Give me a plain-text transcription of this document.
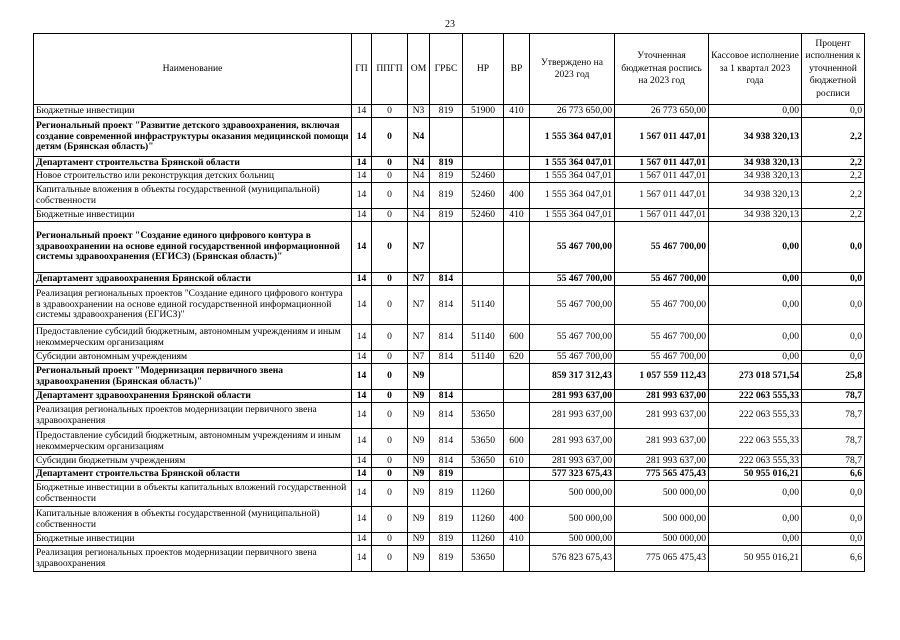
23
Наименование	ГП	ППГП	ОМ	ГРБС	НР	ВР	Утверждено на 2023 год	Уточненная бюджетная роспись на 2023 год	Кассовое исполнение за 1 квартал 2023 года	Процент исполнения к уточненной бюджетной росписи
Бюджетные инвестиции	14	0	N3	819	51900	410	26 773 650,00	26 773 650,00	0,00	0,0
Региональный проект "Развитие детского здравоохранения, включая создание современной инфраструктуры оказания медицинской помощи детям (Брянская область)"	14	0	N4				1 555 364 047,01	1 567 011 447,01	34 938 320,13	2,2
Департамент строительства Брянской области	14	0	N4	819			1 555 364 047,01	1 567 011 447,01	34 938 320,13	2,2
Новое строительство или реконструкция детских больниц	14	0	N4	819	52460		1 555 364 047,01	1 567 011 447,01	34 938 320,13	2,2
Капитальные вложения в объекты государственной (муниципальной) собственности	14	0	N4	819	52460	400	1 555 364 047,01	1 567 011 447,01	34 938 320,13	2,2
Бюджетные инвестиции	14	0	N4	819	52460	410	1 555 364 047,01	1 567 011 447,01	34 938 320,13	2,2
Региональный проект "Создание единого цифрового контура в здравоохранении на основе единой государственной информационной системы здравоохранения (ЕГИСЗ) (Брянская область)"	14	0	N7				55 467 700,00	55 467 700,00	0,00	0,0
Департамент здравоохранения Брянской области	14	0	N7	814			55 467 700,00	55 467 700,00	0,00	0,0
Реализация региональных проектов "Создание единого цифрового контура в здравоохранении на основе единой государственной информационной системы здравоохранения (ЕГИСЗ)"	14	0	N7	814	51140		55 467 700,00	55 467 700,00	0,00	0,0
Предоставление субсидий бюджетным, автономным учреждениям и иным некоммерческим организациям	14	0	N7	814	51140	600	55 467 700,00	55 467 700,00	0,00	0,0
Субсидии автономным учреждениям	14	0	N7	814	51140	620	55 467 700,00	55 467 700,00	0,00	0,0
Региональный проект "Модернизация первичного звена здравоохранения (Брянская область)"	14	0	N9				859 317 312,43	1 057 559 112,43	273 018 571,54	25,8
Департамент здравоохранения Брянской области	14	0	N9	814			281 993 637,00	281 993 637,00	222 063 555,33	78,7
Реализация региональных проектов модернизации первичного звена здравоохранения	14	0	N9	814	53650		281 993 637,00	281 993 637,00	222 063 555,33	78,7
Предоставление субсидий бюджетным, автономным учреждениям и иным некоммерческим организациям	14	0	N9	814	53650	600	281 993 637,00	281 993 637,00	222 063 555,33	78,7
Субсидии бюджетным учреждениям	14	0	N9	814	53650	610	281 993 637,00	281 993 637,00	222 063 555,33	78,7
Департамент строительства Брянской области	14	0	N9	819			577 323 675,43	775 565 475,43	50 955 016,21	6,6
Бюджетные инвестиции в объекты капитальных вложений государственной собственности	14	0	N9	819	11260		500 000,00	500 000,00	0,00	0,0
Капитальные вложения в объекты государственной (муниципальной) собственности	14	0	N9	819	11260	400	500 000,00	500 000,00	0,00	0,0
Бюджетные инвестиции	14	0	N9	819	11260	410	500 000,00	500 000,00	0,00	0,0
Реализация региональных проектов модернизации первичного звена здравоохранения	14	0	N9	819	53650		576 823 675,43	775 065 475,43	50 955 016,21	6,6
